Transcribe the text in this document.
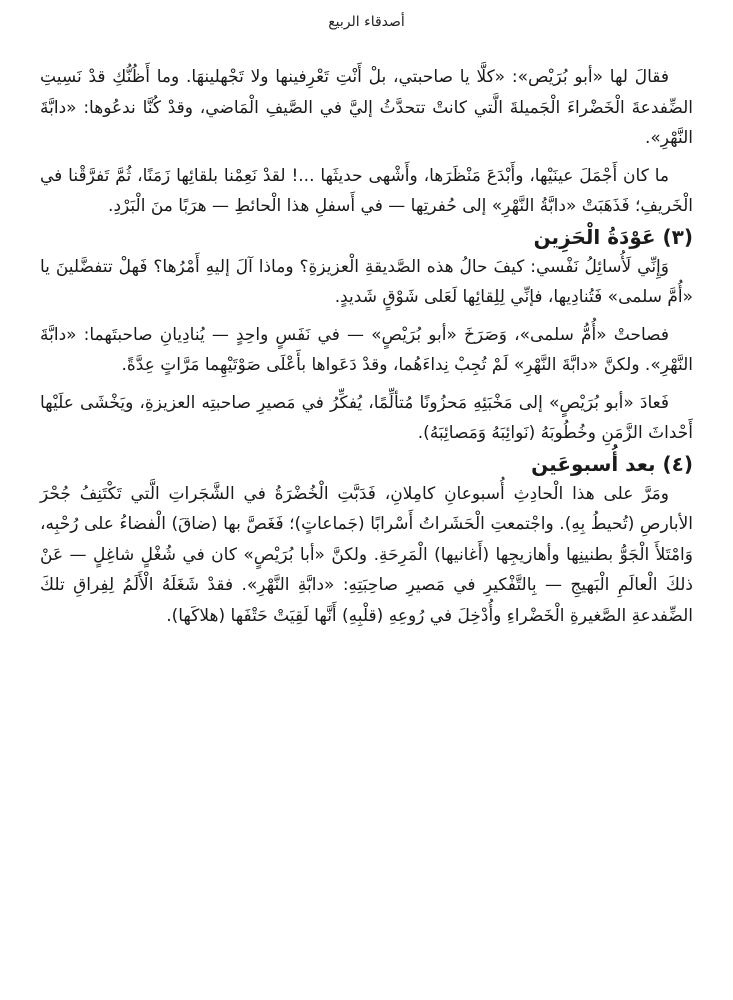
أصدقاء الربيع

فقالَ لها «أبو بُرَيْص»: «كلَّا يا صاحبتي، بلْ أَنْتِ تَعْرِفينها ولا تَجْهلينهَا. وما أَظُنُّكِ قدْ نَسِيتِ الضِّفدعةَ الْخَضْراءَ الْجَميلةَ الَّتي كانتْ تتحدَّثُ إليَّ في الصَّيفِ الْمَاضي، وقدْ كُنَّا ندعُوها: «دابَّةَ النَّهْرِ».

ما كان أَجْمَلَ عينَيْها، وأَبْدَعَ مَنْظَرَها، وأَشْهى حديثَها ...! لقدْ نَعِمْنا بلقائِها زَمَنًا، ثُمَّ تَفرَّقْنا في الْخَريفِ؛ فَذَهَبَتْ «دابَّةُ النَّهْرِ» إلى حُفرتِها — في أَسفلِ هذا الْحائطِ — هرَبًا منَ الْبَرْدِ.

(٣) عَوْدَةُ الْحَزِين

وَإِنِّي لَأُسائِلُ نَفْسي: كيفَ حالُ هذه الصَّديقةِ الْعزيزةِ؟ وماذا آلَ إليهِ أَمْرُها؟ فَهلْ تتفضَّلينَ يا «أُمَّ سلمى» فَتُنادِيها، فإنِّي لِلِقائِها لَعَلى شَوْقٍ شَديدٍ.

فصاحتْ «أُمُّ سلمى»، وَصَرَخَ «أبو بُرَيْصٍ» — في نَفَسٍ واحِدٍ — يُنادِيانِ صاحبتَهما: «دابَّةَ النَّهْرِ». ولكنَّ «دابَّةَ النَّهْرِ» لَمْ تُجِبْ نِداءَهُما، وقدْ دَعَواها بأَعْلَى صَوْتَيْهِما مَرَّاتٍ عِدَّةً.

فَعادَ «أبو بُرَيْصٍ» إلى مَخْبَئِهِ مَحزُونًا مُتألِّمًا، يُفكِّرُ في مَصيرِ صاحبتِه العزيزةِ، ويَخْشَى علَيْها أَحْداثَ الزَّمَنِ وخُطُوبَهُ (نَوائِبَهُ وَمَصائِبَهُ).

(٤) بعد أُسبوعَين

ومَرَّ على هذا الْحادِثِ أُسبوعانِ كامِلانِ، فَدَبَّتِ الْخُضْرَةُ في الشَّجَراتِ الَّتي تَكْتَنِفُ جُحْرَ الأبارصِ (تُحيطُ بِهِ). واجْتمعتِ الْحَشَراتُ أَسْرابًا (جَماعاتٍ)؛ فَغَصَّ بها (ضاقَ) الْفضاءُ على رُحْبِه، وَامْتَلأَ الْجَوُّ بطنينِها وأهازيجِها (أَغانيها) الْمَرِحَةِ. ولكنَّ «أبا بُرَيْصٍ» كان في شُغْلٍ شاغِلٍ — عَنْ ذلكَ الْعالَمِ الْبَهيجِ — بِالتَّفْكيرِ في مَصيرِ صاحِبَتِهِ: «دابَّةِ النَّهْرِ». فقدْ شَغَلَهُ الْأَلَمُ لِفِراقِ تلكَ الضِّفدعةِ الصَّغيرةِ الْخَضْراءِ وأُدْخِلَ في رُوعِهِ (قلْبِهِ) أَنَّها لَقِيَتْ حَتْفَها (هلاكَها).
